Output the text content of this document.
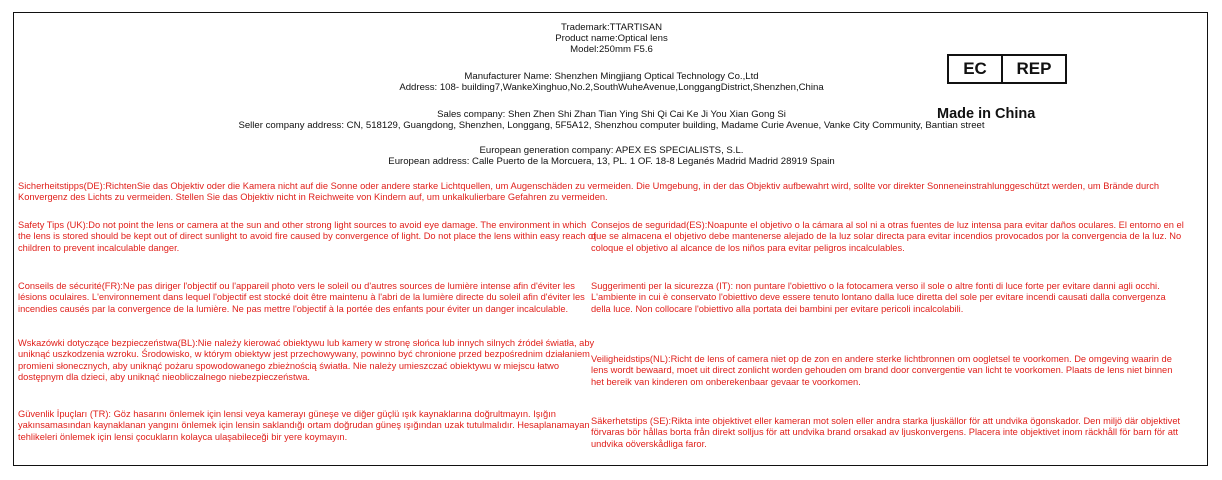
Trademark:TTARTISAN
Product name:Optical lens
Model:250mm F5.6
Manufacturer Name: Shenzhen Mingjiang Optical Technology Co.,Ltd
Address: 108- building7,WankeXinghuo,No.2,SouthWuheAvenue,LonggangDistrict,Shenzhen,China
Sales company: Shen Zhen Shi Zhan Tian Ying Shi Qi Cai Ke Ji You Xian Gong Si
Seller company address: CN, 518129, Guangdong, Shenzhen, Longgang, 5F5A12, Shenzhou computer building, Madame Curie Avenue, Vanke City Community, Bantian street
European generation company: APEX ES SPECIALISTS, S.L.
European address: Calle Puerto de la Morcuera, 13, PL. 1 OF. 18-8 Leganés Madrid Madrid 28919 Spain
EC	REP
Made in China
Sicherheitstipps(DE):RichtenSie das Objektiv oder die Kamera nicht auf die Sonne oder andere starke Lichtquellen, um Augenschäden zu vermeiden. Die Umgebung, in der das Objektiv aufbewahrt wird, sollte vor direkter Sonneneinstrahlunggeschützt werden, um Brände durch Konvergenz des Lichts zu vermeiden. Stellen Sie das Objektiv nicht in Reichweite von Kindern auf, um unkalkulierbare Gefahren zu vermeiden.
Safety Tips (UK):Do not point the lens or camera at the sun and other strong light sources to avoid eye damage. The environment in which the lens is stored should be kept out of direct sunlight to avoid fire caused by convergence of light. Do not place the lens within easy reach of children to prevent incalculable danger.
Consejos de seguridad(ES):Noapunte el objetivo o la cámara al sol ni a otras fuentes de luz intensa para evitar daños oculares. El entorno en el que se almacena el objetivo debe mantenerse alejado de la luz solar directa para evitar incendios provocados por la convergencia de la luz. No coloque el objetivo al alcance de los niños para evitar peligros incalculables.
Conseils de sécurité(FR):Ne pas diriger l'objectif ou l'appareil photo vers le soleil ou d'autres sources de lumière intense afin d'éviter les lésions oculaires. L'environnement dans lequel l'objectif est stocké doit être maintenu à l'abri de la lumière directe du soleil afin d'éviter les incendies causés par la convergence de la lumière. Ne pas mettre l'objectif à la portée des enfants pour éviter un danger incalculable.
Suggerimenti per la sicurezza (IT): non puntare l'obiettivo o la fotocamera verso il sole o altre fonti di luce forte per evitare danni agli occhi. L'ambiente in cui è conservato l'obiettivo deve essere tenuto lontano dalla luce diretta del sole per evitare incendi causati dalla convergenza della luce. Non collocare l'obiettivo alla portata dei bambini per evitare pericoli incalcolabili.
Wskazówki dotyczące bezpieczeństwa(BL):Nie należy kierować obiektywu lub kamery w stronę słońca lub innych silnych źródeł światła, aby uniknąć uszkodzenia wzroku. Środowisko, w którym obiektyw jest przechowywany, powinno być chronione przed bezpośrednim działaniem promieni słonecznych, aby uniknąć pożaru spowodowanego zbieżnością światła. Nie należy umieszczać obiektywu w miejscu łatwo dostępnym dla dzieci, aby uniknąć nieobliczalnego niebezpieczeństwa.
Veiligheidstips(NL):Richt de lens of camera niet op de zon en andere sterke lichtbronnen om oogletsel te voorkomen. De omgeving waarin de lens wordt bewaard, moet uit direct zonlicht worden gehouden om brand door convergentie van licht te voorkomen. Plaats de lens niet binnen het bereik van kinderen om onberekenbaar gevaar te voorkomen.
Güvenlik İpuçları (TR): Göz hasarını önlemek için lensi veya kamerayı güneşe ve diğer güçlü ışık kaynaklarına doğrultmayın. Işığın yakınsamasından kaynaklanan yangını önlemek için lensin saklandığı ortam doğrudan güneş ışığından uzak tutulmalıdır. Hesaplanamayan tehlikeleri önlemek için lensi çocukların kolayca ulaşabileceği bir yere koymayın.
Säkerhetstips (SE):Rikta inte objektivet eller kameran mot solen eller andra starka ljuskällor för att undvika ögonskador. Den miljö där objektivet förvaras bör hållas borta från direkt solljus för att undvika brand orsakad av ljuskonvergens. Placera inte objektivet inom räckhåll för barn för att undvika oöverskådliga faror.
